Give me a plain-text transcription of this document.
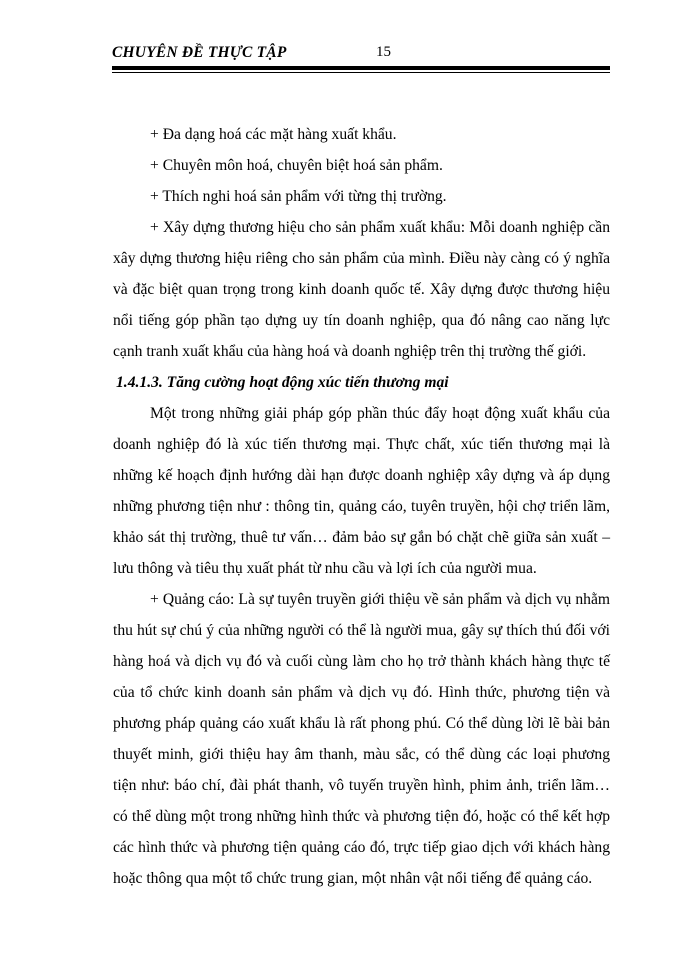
CHUYÊN ĐỀ THỰC TẬP	15

+ Đa dạng hoá các mặt hàng xuất khẩu.

+ Chuyên môn hoá, chuyên biệt hoá sản phẩm.

+ Thích nghi hoá sản phẩm với từng thị trường.

+ Xây dựng thương hiệu cho sản phẩm xuất khẩu: Mỗi doanh nghiệp cần xây dựng thương hiệu riêng cho sản phẩm của mình. Điều này càng có ý nghĩa và đặc biệt quan trọng trong kinh doanh quốc tế. Xây dựng được thương hiệu nổi tiếng góp phần tạo dựng uy tín doanh nghiệp, qua đó nâng cao năng lực cạnh tranh xuất khẩu của hàng hoá và doanh nghiệp trên thị trường thế giới.

1.4.1.3. Tăng cường hoạt động xúc tiến thương mại

Một trong những giải pháp góp phần thúc đẩy hoạt động xuất khẩu của doanh nghiệp đó là xúc tiến thương mại. Thực chất, xúc tiến thương mại là những kế hoạch định hướng dài hạn được doanh nghiệp xây dựng và áp dụng những phương tiện như : thông tin, quảng cáo, tuyên truyền, hội chợ triển lãm, khảo sát thị trường, thuê tư vấn… đảm bảo sự gắn bó chặt chẽ giữa sản xuất – lưu thông và tiêu thụ xuất phát từ nhu cầu và lợi ích của người mua.

+ Quảng cáo: Là sự tuyên truyền giới thiệu về sản phẩm và dịch vụ nhằm thu hút sự chú ý của những người có thể là người mua, gây sự thích thú đối với hàng hoá và dịch vụ đó và cuối cùng làm cho họ trở thành khách hàng thực tế của tổ chức kinh doanh sản phẩm và dịch vụ đó. Hình thức, phương tiện và phương pháp quảng cáo xuất khẩu là rất phong phú. Có thể dùng lời lẽ bài bản thuyết minh, giới thiệu hay âm thanh, màu sắc, có thể dùng các loại phương tiện như: báo chí, đài phát thanh, vô tuyến truyền hình, phim ảnh, triển lãm…có thể dùng một trong những hình thức và phương tiện đó, hoặc có thể kết hợp các hình thức và phương tiện quảng cáo đó, trực tiếp giao dịch với khách hàng hoặc thông qua một tổ chức trung gian, một nhân vật nổi tiếng để quảng cáo.
